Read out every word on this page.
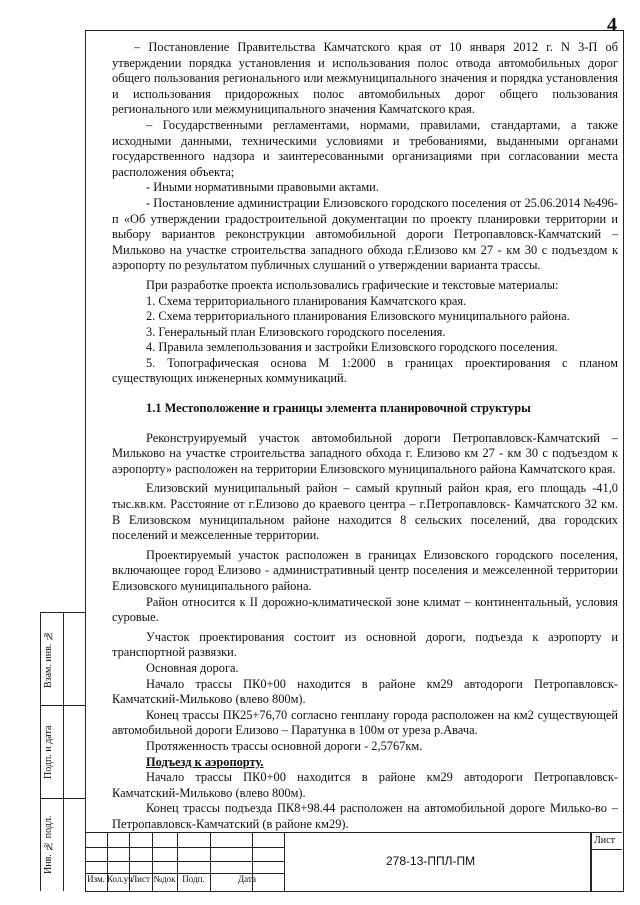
4

– Постановление Правительства Камчатского края от 10 января 2012 г. N 3-П об утверждении порядка установления и использования полос отвода автомобильных дорог общего пользования регионального или межмуниципального значения и порядка установления и использования придорожных полос автомобильных дорог общего пользования регионального или межмуниципального значения Камчатского края.

– Государственными регламентами, нормами, правилами, стандартами, а также исходными данными, техническими условиями и требованиями, выданными органами государственного надзора и заинтересованными организациями при согласовании места расположения объекта;

- Иными нормативными правовыми актами.

- Постановление администрации Елизовского городского поселения от 25.06.2014 №496-п «Об утверждении градостроительной документации по проекту планировки территории и выбору вариантов реконструкции автомобильной дороги Петропавловск-Камчатский – Мильково на участке строительства западного обхода г.Елизово км 27 - км 30 с подъездом к аэропорту по результатом публичных слушаний о утверждении варианта трассы.

При разработке проекта использовались графические и текстовые материалы:

1. Схема территориального планирования Камчатского края.

2. Схема территориального планирования Елизовского муниципального района.

3. Генеральный план Елизовского городского поселения.

4. Правила землепользования и застройки Елизовского городского поселения.

5. Топографическая основа М 1:2000 в границах проектирования с планом существующих инженерных коммуникаций.

1.1 Местоположение и границы элемента планировочной структуры

Реконструируемый участок автомобильной дороги Петропавловск-Камчатский – Мильково на участке строительства западного обхода г. Елизово км 27 - км 30 с подъездом к аэропорту» расположен на территории Елизовского муниципального района Камчатского края.

Елизовский муниципальный район – самый крупный район края, его площадь -41,0 тыс.кв.км. Расстояние от г.Елизово до краевого центра – г.Петропавловск- Камчатского 32 км. В Елизовском муниципальном районе находится 8 сельских поселений, два городских поселений и межселенные территории.

Проектируемый участок расположен в границах Елизовского городского поселения, включающее город Елизово - административный центр поселения и межселенной территории Елизовского муниципального района.

Район относится к II дорожно-климатической зоне климат – континентальный, условия суровые.

Участок проектирования состоит из основной дороги, подъезда к аэропорту и транспортной развязки.

Основная дорога.

Начало трассы ПК0+00 находится в районе км29 автодороги Петропавловск-Камчатский-Мильково (влево 800м).

Конец трассы ПК25+76,70 согласно генплану города расположен на км2 существующей автомобильной дороги Елизово – Паратунка в 100м от уреза р.Авача.

Протяженность трассы основной дороги - 2,5767км.

Подъезд к аэропорту.

Начало трассы ПК0+00 находится в районе км29 автодороги Петропавловск-Камчатский-Мильково (влево 800м).

Конец трассы подъезда ПК8+98.44 расположен на автомобильной дороге Милько-во – Петропавловск-Камчатский (в районе км29).

Взам. инв. №
Подп. и дата
Инв. № подл.
Изм. Кол.уч
Лист №док Подп.	Дата
278-13-ППЛ-ПМ
Лист
